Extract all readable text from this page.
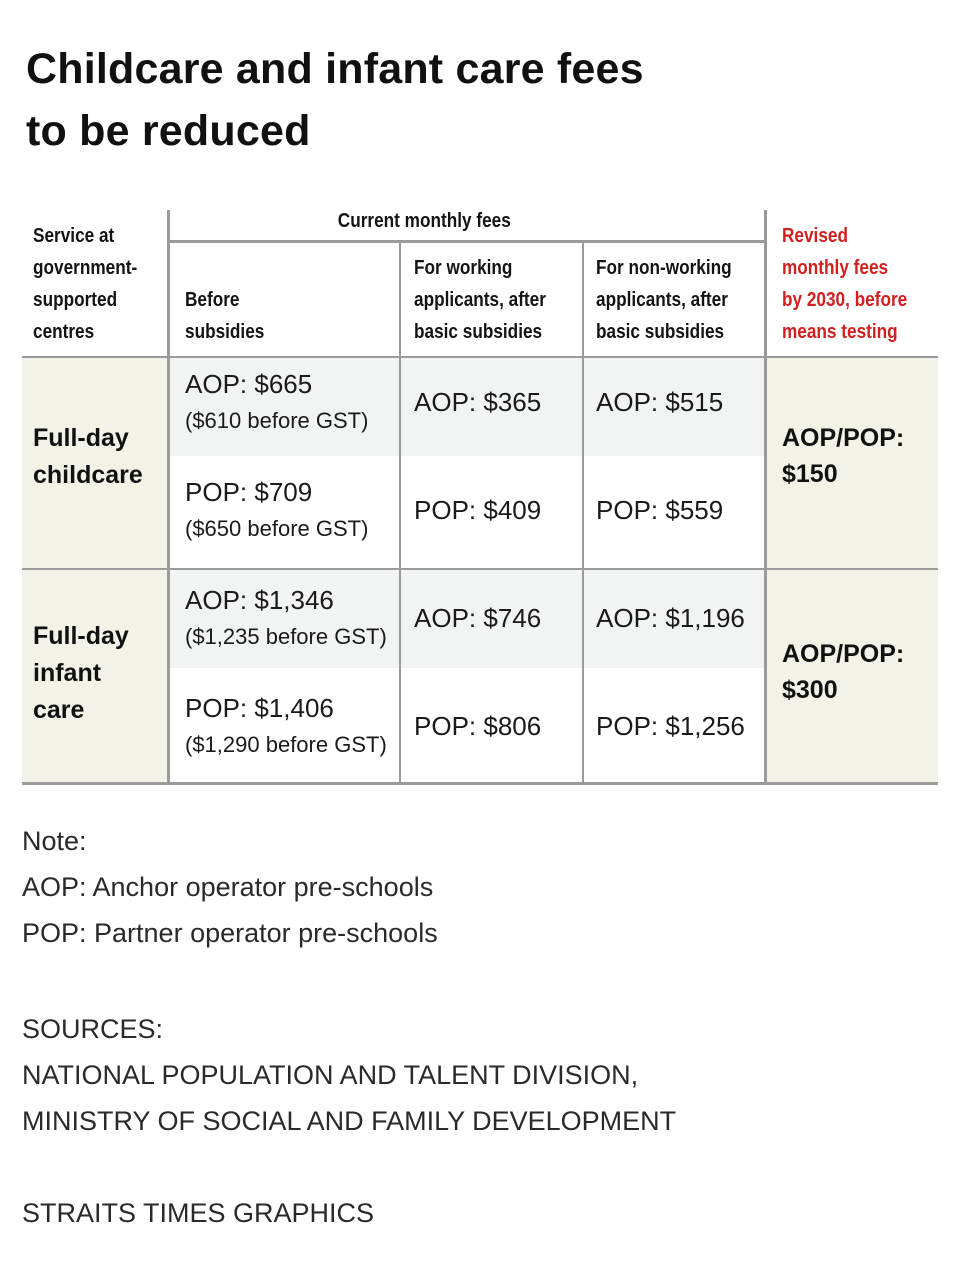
Childcare and infant care fees
to be reduced
Service at
government-
supported
centres
Current monthly fees
Before
subsidies
For working
applicants, after
basic subsidies
For non-working
applicants, after
basic subsidies
Revised
monthly fees
by 2030, before
means testing
Full-day
childcare
AOP: $665
($610 before GST)
AOP: $365 AOP: $515
POP: $709
($650 before GST)
POP: $409 POP: $559
AOP/POP:
$150
Full-day
infant
care
AOP: $1,346
($1,235 before GST)
AOP: $746 AOP: $1,196
POP: $1,406
($1,290 before GST)
POP: $806 POP: $1,256
AOP/POP:
$300
Note:
AOP: Anchor operator pre-schools
POP: Partner operator pre-schools
SOURCES:
NATIONAL POPULATION AND TALENT DIVISION,
MINISTRY OF SOCIAL AND FAMILY DEVELOPMENT
STRAITS TIMES GRAPHICS
